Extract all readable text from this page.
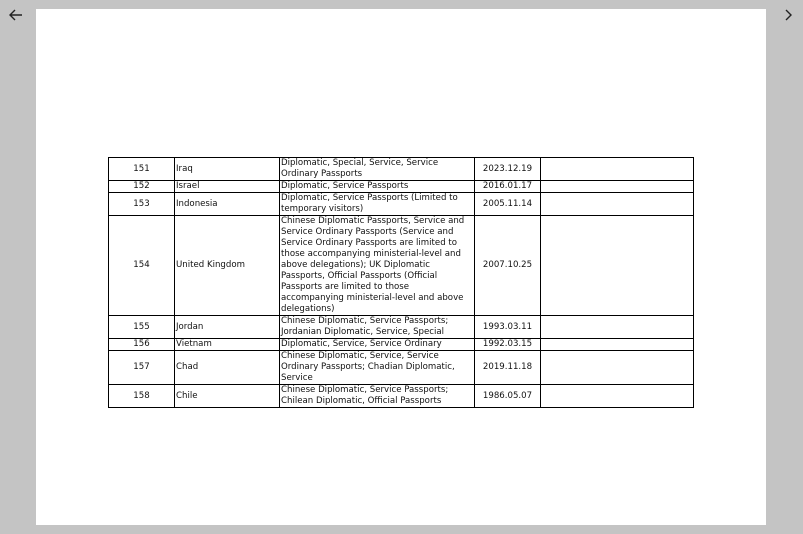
151	Iraq	Diplomatic, Special, Service, Service Ordinary Passports	2023.12.19	
152	Israel	Diplomatic, Service Passports	2016.01.17	
153	Indonesia	Diplomatic, Service Passports (Limited to temporary visitors)	2005.11.14	
154	United Kingdom	Chinese Diplomatic Passports, Service and Service Ordinary Passports (Service and Service Ordinary Passports are limited to those accompanying ministerial-level and above delegations); UK Diplomatic Passports, Official Passports (Official Passports are limited to those accompanying ministerial-level and above delegations)	2007.10.25	
155	Jordan	Chinese Diplomatic, Service Passports; Jordanian Diplomatic, Service, Special	1993.03.11	
156	Vietnam	Diplomatic, Service, Service Ordinary	1992.03.15	
157	Chad	Chinese Diplomatic, Service, Service Ordinary Passports; Chadian Diplomatic, Service	2019.11.18	
158	Chile	Chinese Diplomatic, Service Passports; Chilean Diplomatic, Official Passports	1986.05.07	
